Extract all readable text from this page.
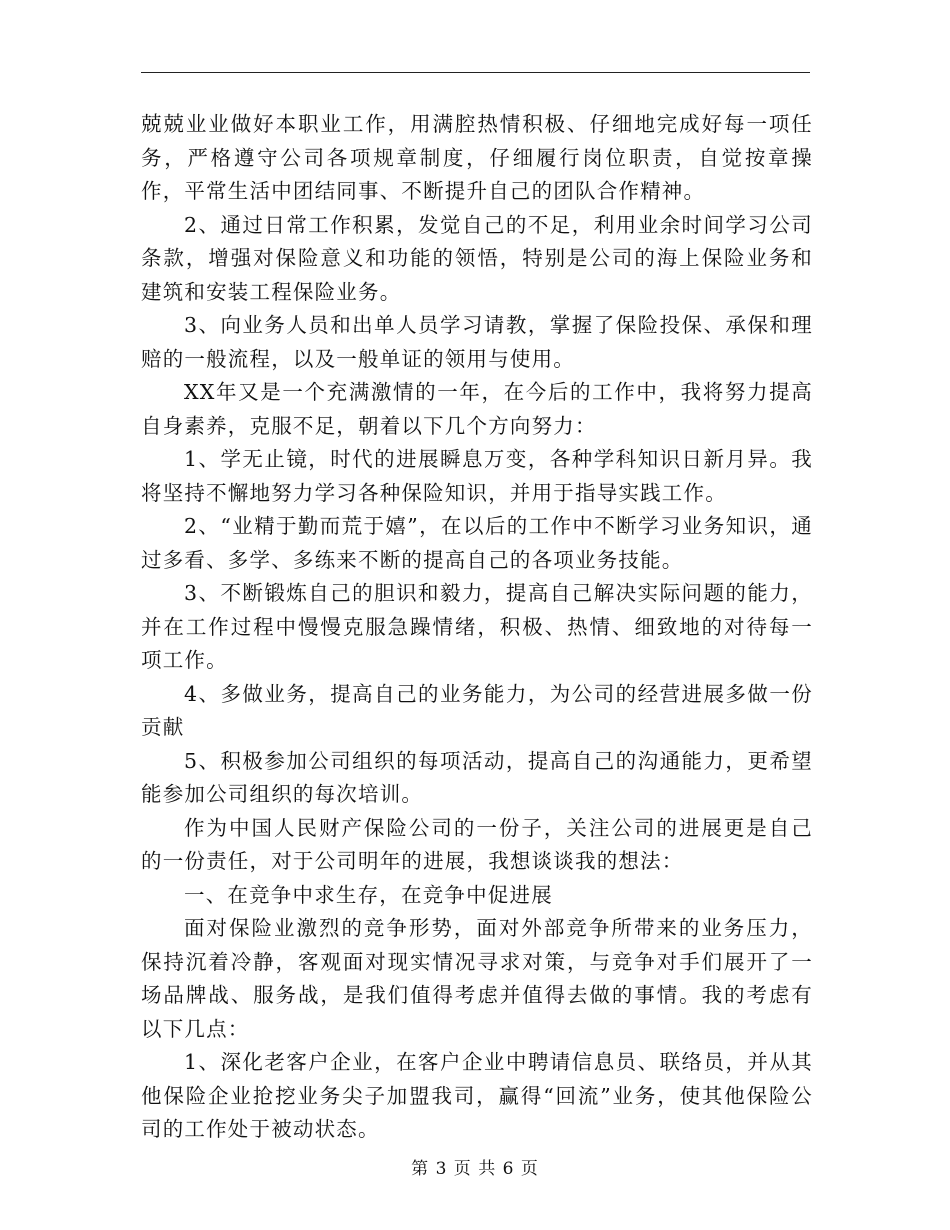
兢兢业业做好本职业工作，用满腔热情积极、仔细地完成好每一项任务，严格遵守公司各项规章制度，仔细履行岗位职责，自觉按章操作，平常生活中团结同事、不断提升自己的团队合作精神。

2、通过日常工作积累，发觉自己的不足，利用业余时间学习公司条款，增强对保险意义和功能的领悟，特别是公司的海上保险业务和建筑和安装工程保险业务。

3、向业务人员和出单人员学习请教，掌握了保险投保、承保和理赔的一般流程，以及一般单证的领用与使用。

XX年又是一个充满激情的一年，在今后的工作中，我将努力提高自身素养，克服不足，朝着以下几个方向努力：

1、学无止镜，时代的进展瞬息万变，各种学科知识日新月异。我将坚持不懈地努力学习各种保险知识，并用于指导实践工作。

2、“业精于勤而荒于嬉”，在以后的工作中不断学习业务知识，通过多看、多学、多练来不断的提高自己的各项业务技能。

3、不断锻炼自己的胆识和毅力，提高自己解决实际问题的能力，并在工作过程中慢慢克服急躁情绪，积极、热情、细致地的对待每一项工作。

4、多做业务，提高自己的业务能力，为公司的经营进展多做一份贡献

5、积极参加公司组织的每项活动，提高自己的沟通能力，更希望能参加公司组织的每次培训。

作为中国人民财产保险公司的一份子，关注公司的进展更是自己的一份责任，对于公司明年的进展，我想谈谈我的想法：

一、在竞争中求生存，在竞争中促进展

面对保险业激烈的竞争形势，面对外部竞争所带来的业务压力，保持沉着冷静，客观面对现实情况寻求对策，与竞争对手们展开了一场品牌战、服务战，是我们值得考虑并值得去做的事情。我的考虑有以下几点：

1、深化老客户企业，在客户企业中聘请信息员、联络员，并从其他保险企业抢挖业务尖子加盟我司，赢得“回流”业务，使其他保险公司的工作处于被动状态。

第 3 页 共 6 页
